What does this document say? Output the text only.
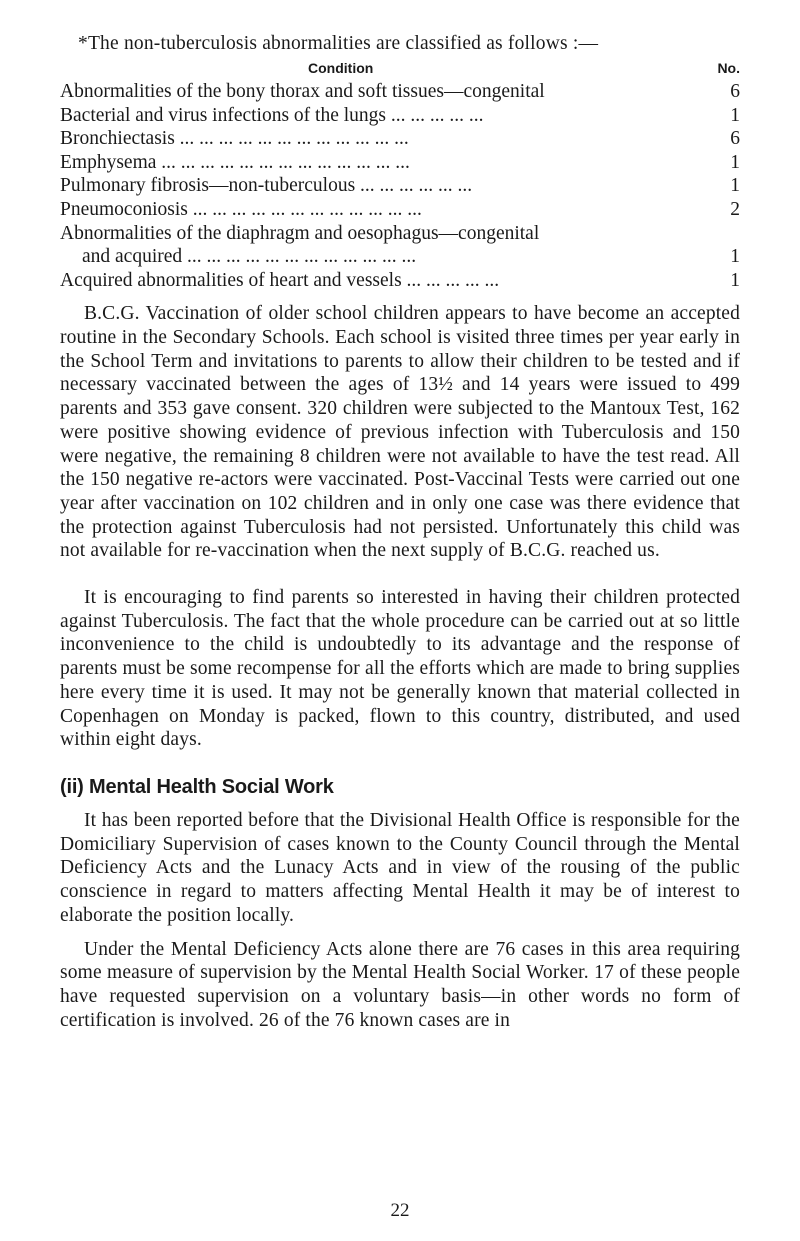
*The non-tuberculosis abnormalities are classified as follows :—

Condition	No.
Abnormalities of the bony thorax and soft tissues—congenital	6
Bacterial and virus infections of the lungs ... ... ... ... ...	1
Bronchiectasis ... ... ... ... ... ... ... ... ... ... ... ...	6
Emphysema ... ... ... ... ... ... ... ... ... ... ... ... ...	1
Pulmonary fibrosis—non-tuberculous ... ... ... ... ... ...	1
Pneumoconiosis ... ... ... ... ... ... ... ... ... ... ... ...	2
Abnormalities of the diaphragm and oesophagus—congenital
and acquired ... ... ... ... ... ... ... ... ... ... ... ...	1
Acquired abnormalities of heart and vessels ... ... ... ... ...	1

B.C.G. Vaccination of older school children appears to have become an accepted routine in the Secondary Schools. Each school is visited three times per year early in the School Term and invitations to parents to allow their children to be tested and if necessary vaccinated between the ages of 13½ and 14 years were issued to 499 parents and 353 gave consent. 320 children were subjected to the Mantoux Test, 162 were positive showing evidence of previous infection with Tuberculosis and 150 were negative, the remaining 8 children were not available to have the test read. All the 150 negative re-actors were vaccinated. Post-Vaccinal Tests were carried out one year after vaccination on 102 children and in only one case was there evidence that the protection against Tuberculosis had not persisted. Unfortunately this child was not available for re-vaccination when the next supply of B.C.G. reached us.

It is encouraging to find parents so interested in having their children protected against Tuberculosis. The fact that the whole procedure can be carried out at so little inconvenience to the child is undoubtedly to its advantage and the response of parents must be some recompense for all the efforts which are made to bring supplies here every time it is used. It may not be generally known that material collected in Copenhagen on Monday is packed, flown to this country, distributed, and used within eight days.

(ii) Mental Health Social Work

It has been reported before that the Divisional Health Office is responsible for the Domiciliary Supervision of cases known to the County Council through the Mental Deficiency Acts and the Lunacy Acts and in view of the rousing of the public conscience in regard to matters affecting Mental Health it may be of interest to elaborate the position locally.

Under the Mental Deficiency Acts alone there are 76 cases in this area requiring some measure of supervision by the Mental Health Social Worker. 17 of these people have requested supervision on a voluntary basis—in other words no form of certification is involved. 26 of the 76 known cases are in

22
